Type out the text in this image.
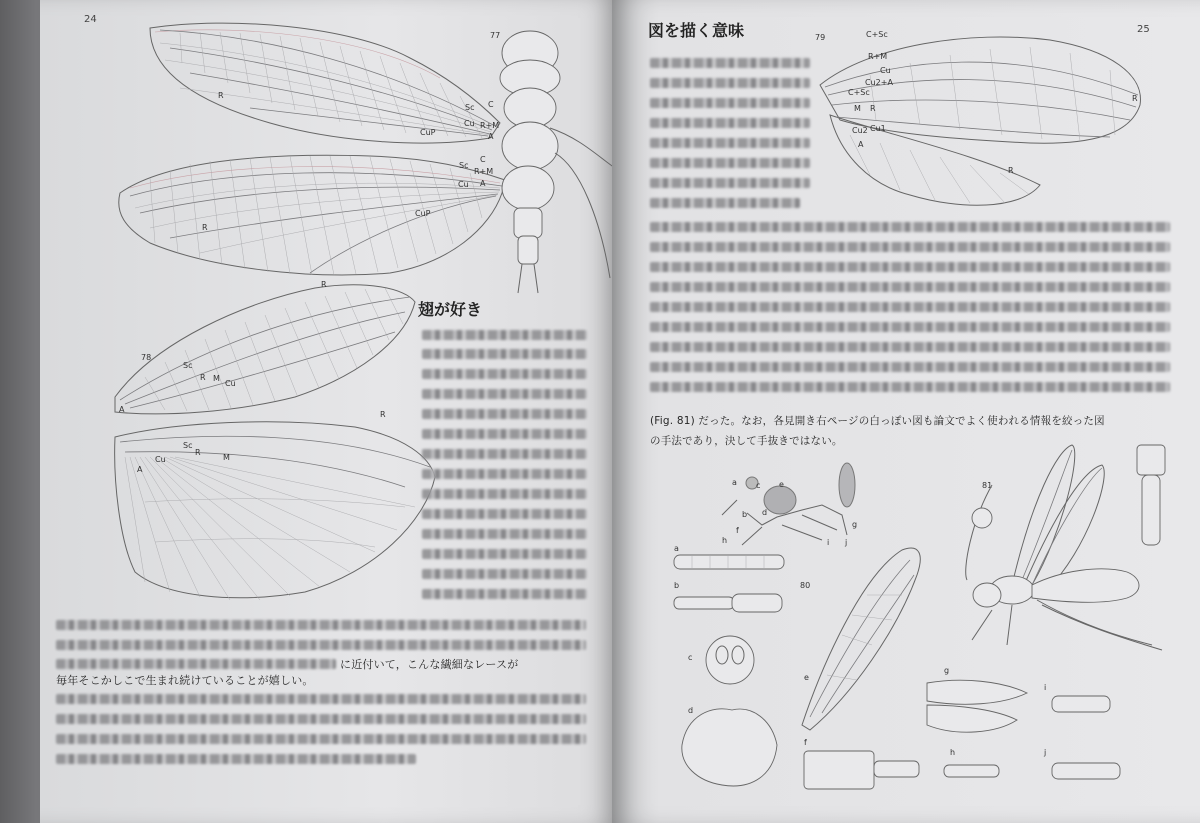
24
77
R
Sc C
Cu R+M
CuP	A
Sc
C
R+M
Cu A
CuP
R
78
R
Sc
R M
Cu
A
R
Sc
R
M
Cu
A
翅が好き
に近付いて，こんな繊細なレースが
毎年そこかしこで生まれ続けていることが嬉しい。
25
図を描く意味	79	C+Sc
R+M
Cu
Cu2+A
C+Sc
M R
Cu1
Cu2
A
R
R
(Fig. 81) だった。なお，各見開き右ページの白っぽい図も論文でよく使われる情報を絞った図
の手法であり，決して手抜きではない。
a c e
b d
f
h	i j
g
a
b
c
d
e
80
f
g
h
i
j
81
